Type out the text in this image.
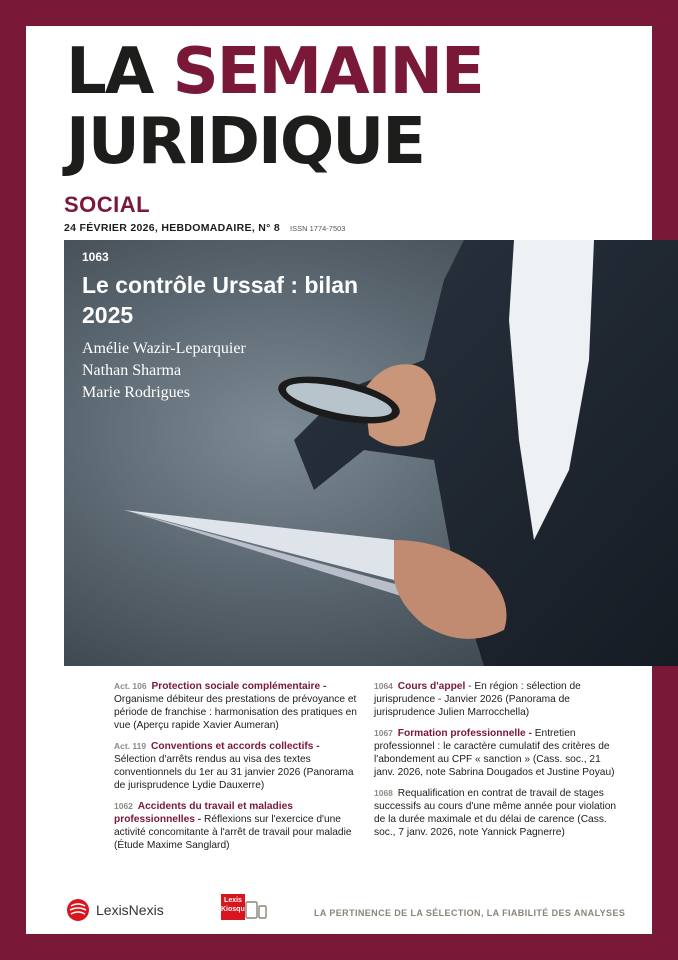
LA SEMAINE
JURIDIQUE
SOCIAL
24 FÉVRIER 2026, HEBDOMADAIRE, N° 8 ISSN 1774-7503
1063
Le contrôle Urssaf : bilan 2025
Amélie Wazir-Leparquier
Nathan Sharma
Marie Rodrigues
Act. 106 Protection sociale complémentaire - Organisme débiteur des prestations de prévoyance et période de franchise : harmonisation des pratiques en vue (Aperçu rapide Xavier Aumeran)
Act. 119 Conventions et accords collectifs - Sélection d'arrêts rendus au visa des textes conventionnels du 1er au 31 janvier 2026 (Panorama de jurisprudence Lydie Dauxerre)
1062 Accidents du travail et maladies professionnelles - Réflexions sur l'exercice d'une activité concomitante à l'arrêt de travail pour maladie (Étude Maxime Sanglard)
1064 Cours d'appel - En région : sélection de jurisprudence - Janvier 2026 (Panorama de jurisprudence Julien Marrocchella)
1067 Formation professionnelle - Entretien professionnel : le caractère cumulatif des critères de l'abondement au CPF « sanction » (Cass. soc., 21 janv. 2026, note Sabrina Dougados et Justine Poyau)
1068 Requalification en contrat de travail de stages successifs au cours d'une même année pour violation de la durée maximale et du délai de carence (Cass. soc., 7 janv. 2026, note Yannick Pagnerre)
LexisNexis
Lexis Kiosque	LA PERTINENCE DE LA SÉLECTION, LA FIABILITÉ DES ANALYSES
